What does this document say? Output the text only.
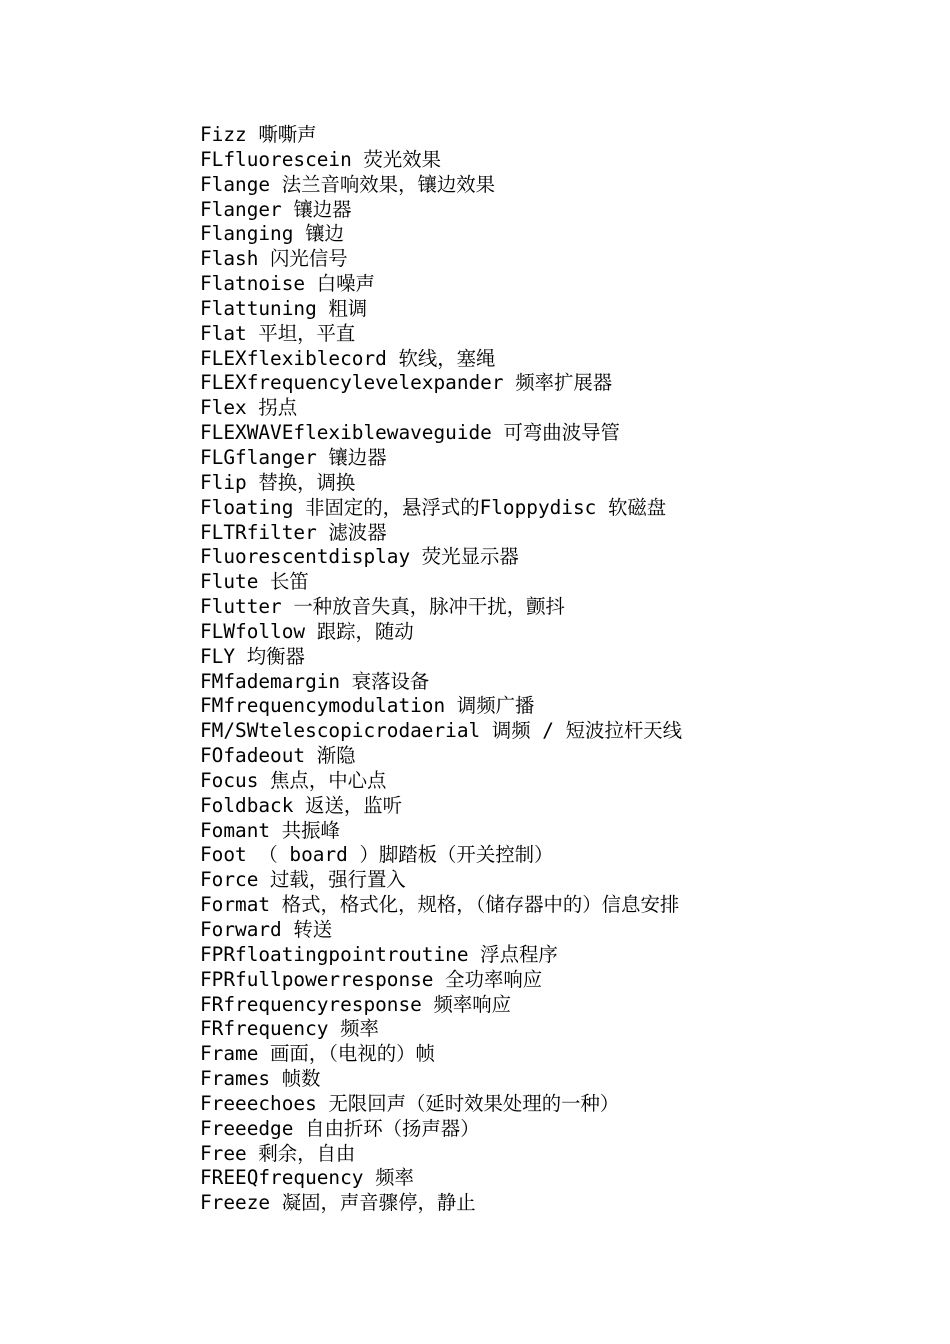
Fizz 嘶嘶声
FLfluorescein 荧光效果
Flange 法兰音响效果，镶边效果
Flanger 镶边器
Flanging 镶边
Flash 闪光信号
Flatnoise 白噪声
Flattuning 粗调
Flat 平坦，平直
FLEXflexiblecord 软线，塞绳
FLEXfrequencylevelexpander 频率扩展器
Flex 拐点
FLEXWAVEflexiblewaveguide 可弯曲波导管
FLGflanger 镶边器
Flip 替换，调换
Floating 非固定的，悬浮式的Floppydisc 软磁盘
FLTRfilter 滤波器
Fluorescentdisplay 荧光显示器
Flute 长笛
Flutter 一种放音失真，脉冲干扰，颤抖
FLWfollow 跟踪，随动
FLY 均衡器
FMfademargin 衰落设备
FMfrequencymodulation 调频广播
FM/SWtelescopicrodaerial 调频 / 短波拉杆天线
FOfadeout 渐隐
Focus 焦点，中心点
Foldback 返送，监听
Fomant 共振峰
Foot （ board ）脚踏板（开关控制）
Force 过载，强行置入
Format 格式，格式化，规格，（储存器中的）信息安排
Forward 转送
FPRfloatingpointroutine 浮点程序
FPRfullpowerresponse 全功率响应
FRfrequencyresponse 频率响应
FRfrequency 频率
Frame 画面，（电视的）帧
Frames 帧数
Freeechoes 无限回声（延时效果处理的一种）
Freeedge 自由折环（扬声器）
Free 剩余，自由
FREEQfrequency 频率
Freeze 凝固，声音骤停，静止
